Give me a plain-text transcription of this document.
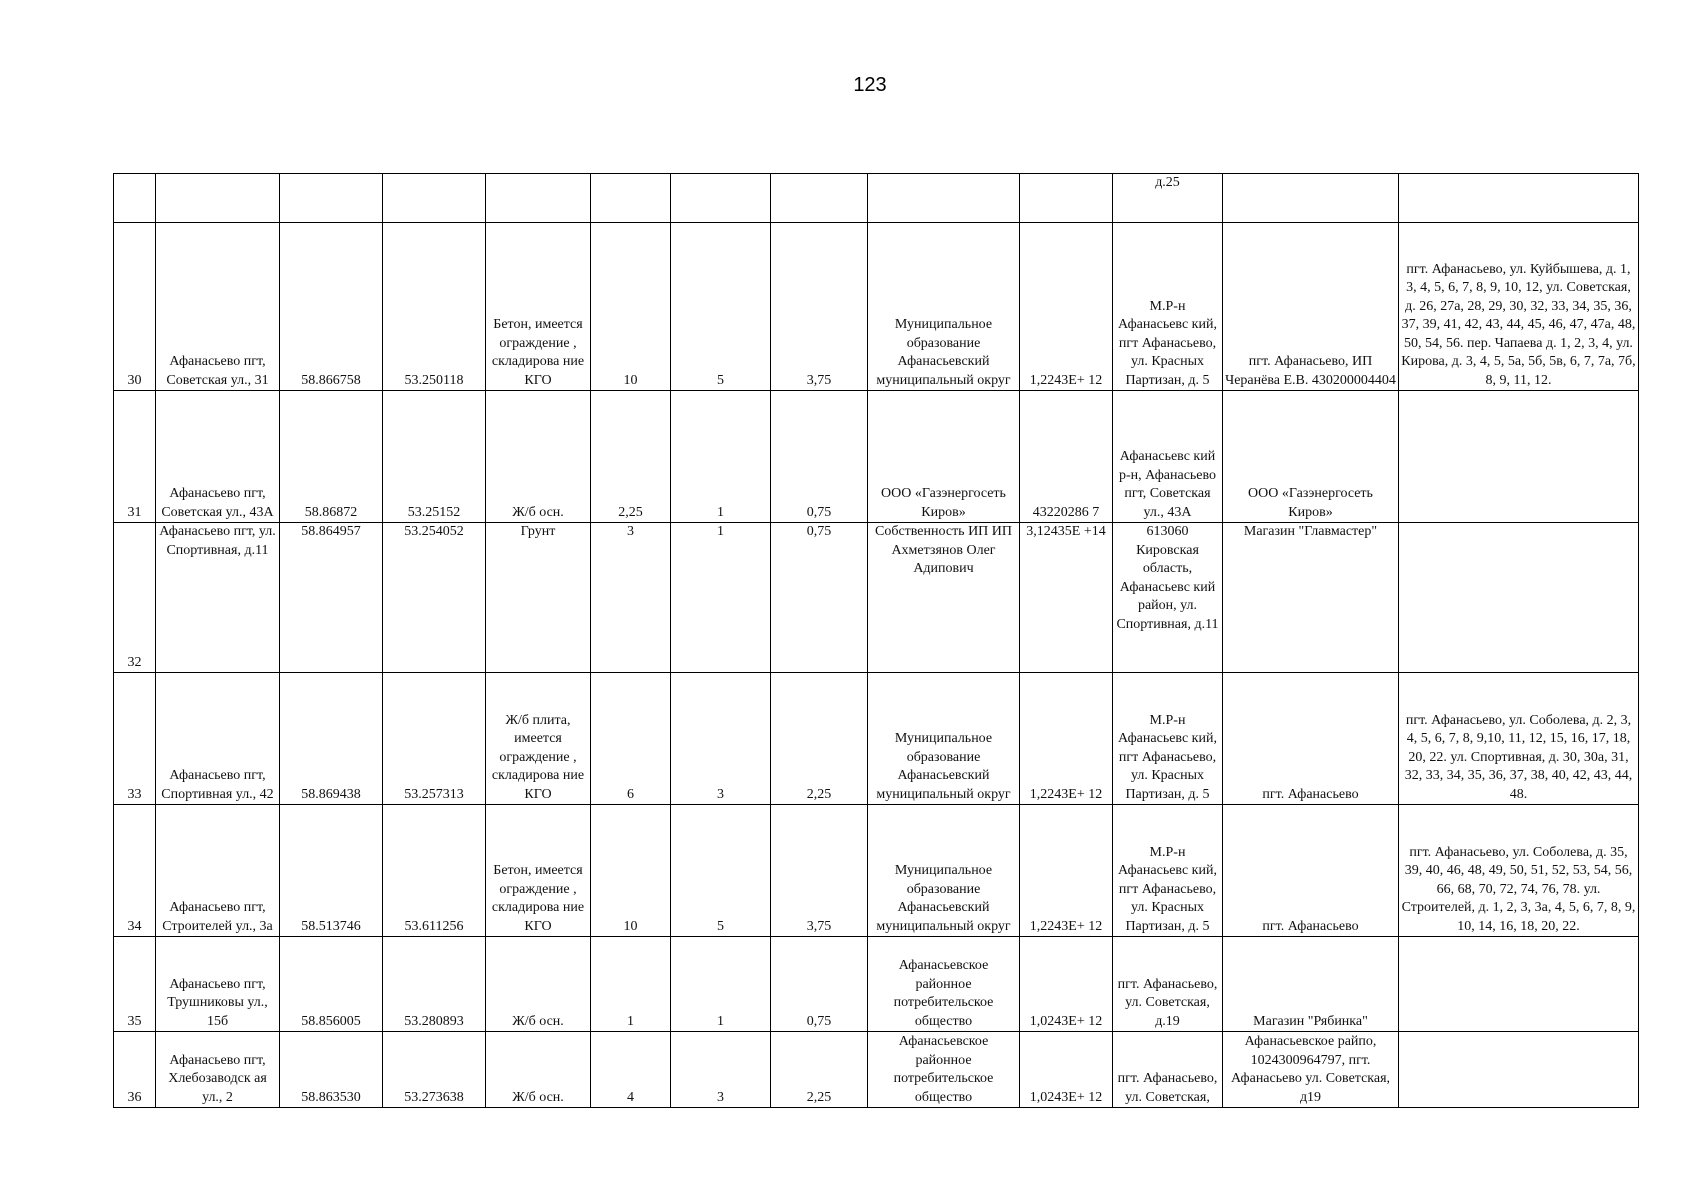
123
										д.25		
30	Афанасьево пгт, Советская ул., 31	58.866758	53.250118	Бетон, имеется ограждение , складирова ние КГО	10	5	3,75	Муниципальное образование Афанасьевский муниципальный округ	1,2243E+ 12	М.Р-н Афанасьевс кий, пгт Афанасьево, ул. Красных Партизан, д. 5	пгт. Афанасьево, ИП Черанёва Е.В. 430200004404	пгт. Афанасьево, ул. Куйбышева, д. 1, 3, 4, 5, 6, 7, 8, 9, 10, 12, ул. Советская, д. 26, 27а, 28, 29, 30, 32, 33, 34, 35, 36, 37, 39, 41, 42, 43, 44, 45, 46, 47, 47а, 48, 50, 54, 56. пер. Чапаева д. 1, 2, 3, 4, ул. Кирова, д. 3, 4, 5, 5а, 5б, 5в, 6, 7, 7а, 7б, 8, 9, 11, 12.
31	Афанасьево пгт, Советская ул., 43А	58.86872	53.25152	Ж/б осн.	2,25	1	0,75	ООО «Газэнергосеть Киров»	43220286 7	Афанасьевс кий р-н, Афанасьево пгт, Советская ул., 43А	ООО «Газэнергосеть Киров»	
32	Афанасьево пгт, ул. Спортивная, д.11	58.864957	53.254052	Грунт	3	1	0,75	Собственность ИП ИП Ахметзянов Олег Адипович	3,12435E +14	613060 Кировская область, Афанасьевс кий район, ул. Спортивная, д.11	Магазин "Главмастер"	
33	Афанасьево пгт, Спортивная ул., 42	58.869438	53.257313	Ж/б плита, имеется ограждение , складирова ние КГО	6	3	2,25	Муниципальное образование Афанасьевский муниципальный округ	1,2243E+ 12	М.Р-н Афанасьевс кий, пгт Афанасьево, ул. Красных Партизан, д. 5	пгт. Афанасьево	пгт. Афанасьево, ул. Соболева, д. 2, 3, 4, 5, 6, 7, 8, 9,10, 11, 12, 15, 16, 17, 18, 20, 22. ул. Спортивная, д. 30, 30а, 31, 32, 33, 34, 35, 36, 37, 38, 40, 42, 43, 44, 48.
34	Афанасьево пгт, Строителей ул., 3а	58.513746	53.611256	Бетон, имеется ограждение , складирова ние КГО	10	5	3,75	Муниципальное образование Афанасьевский муниципальный округ	1,2243E+ 12	М.Р-н Афанасьевс кий, пгт Афанасьево, ул. Красных Партизан, д. 5	пгт. Афанасьево	пгт. Афанасьево, ул. Соболева, д. 35, 39, 40, 46, 48, 49, 50, 51, 52, 53, 54, 56, 66, 68, 70, 72, 74, 76, 78. ул. Строителей, д. 1, 2, 3, 3а, 4, 5, 6, 7, 8, 9, 10, 14, 16, 18, 20, 22.
35	Афанасьево пгт, Трушниковы ул., 15б	58.856005	53.280893	Ж/б осн.	1	1	0,75	Афанасьевское районное потребительское общество	1,0243E+ 12	пгт. Афанасьево, ул. Советская, д.19	Магазин "Рябинка"	
36	Афанасьево пгт, Хлебозаводск ая ул., 2	58.863530	53.273638	Ж/б осн.	4	3	2,25	Афанасьевское районное потребительское общество	1,0243E+ 12	пгт. Афанасьево, ул. Советская,	Афанасьевское райпо, 1024300964797, пгт. Афанасьево ул. Советская, д19	
